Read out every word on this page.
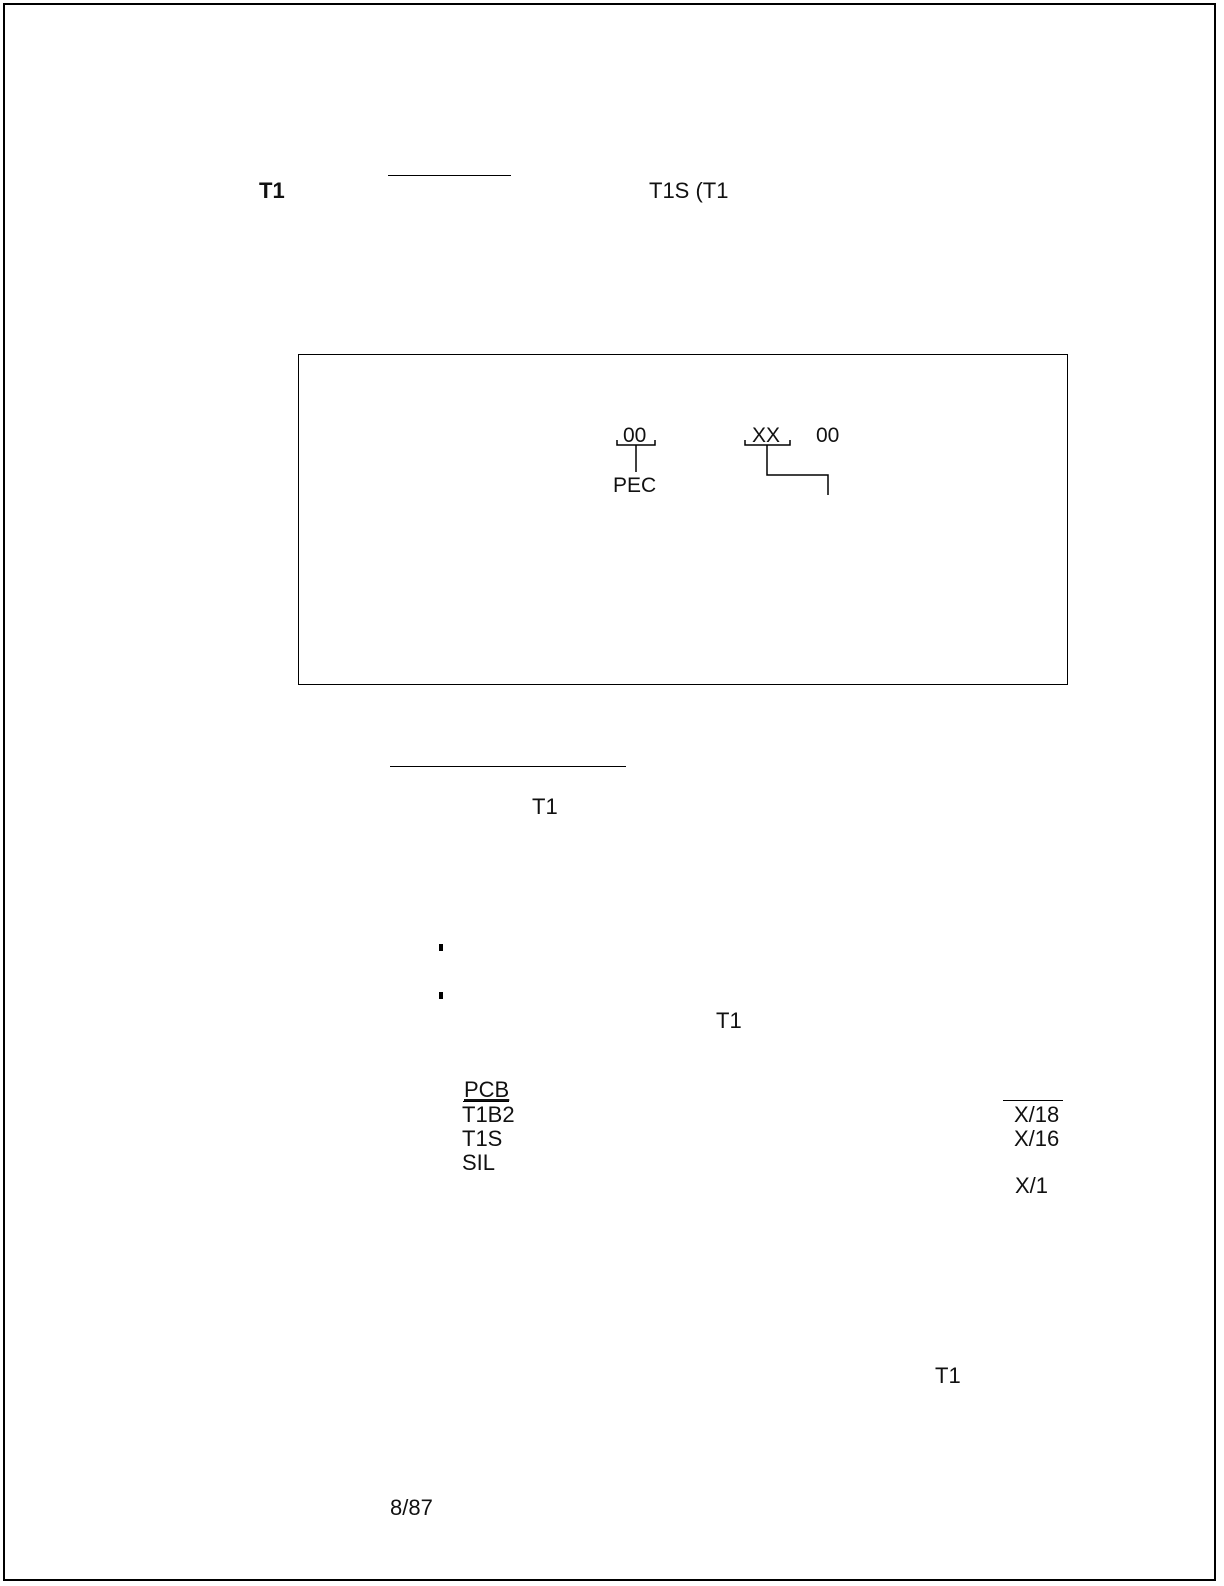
T1	T1S (T1
00
PEC
XX 00
T1
T1
PCB
T1B2
T1S
SIL
X/18
X/16
X/1
T1
8/87
